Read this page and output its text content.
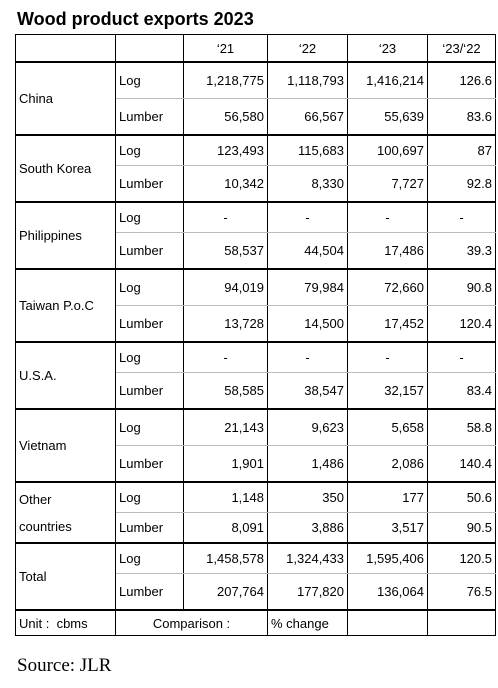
Wood product exports 2023
		‘21	‘22	‘23	‘23/‘22
China	Log	1,218,775	1,118,793	1,416,214	126.6
	Lumber	56,580	66,567	55,639	83.6
South Korea	Log	123,493	115,683	100,697	87
	Lumber	10,342	8,330	7,727	92.8
Philippines	Log	-	-	-	-
	Lumber	58,537	44,504	17,486	39.3
Taiwan P.o.C	Log	94,019	79,984	72,660	90.8
	Lumber	13,728	14,500	17,452	120.4
U.S.A.	Log	-	-	-	-
	Lumber	58,585	38,547	32,157	83.4
Vietnam	Log	21,143	9,623	5,658	58.8
	Lumber	1,901	1,486	2,086	140.4

Other
countries	Log	1,148	350	177	50.6
	Lumber	8,091	3,886	3,517	90.5
Total	Log	1,458,578	1,324,433	1,595,406	120.5
	Lumber	207,764	177,820	136,064	76.5
Unit :  cbms	Comparison :		% change		
Source: JLR
